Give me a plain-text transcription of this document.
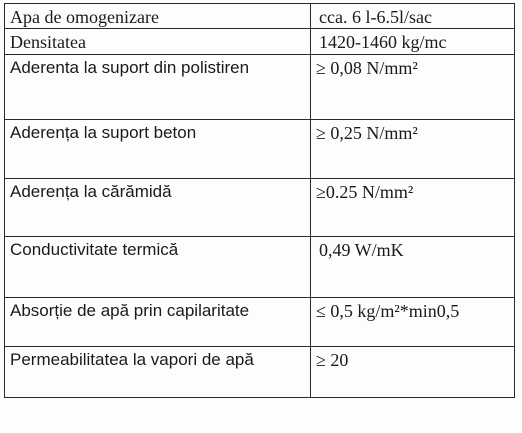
Apa de omogenizare	cca. 6 l-6.5l/sac
Densitatea	1420-1460 kg/mc
Aderenta la suport din polistiren	≥ 0,08 N/mm²
Aderența la suport beton	≥ 0,25 N/mm²
Aderența la cărămidă	≥0.25 N/mm²
Conductivitate termică	0,49 W/mK
Absorție de apă prin capilaritate	≤ 0,5 kg/m²*min0,5
Permeabilitatea la vapori de apă	≥ 20
